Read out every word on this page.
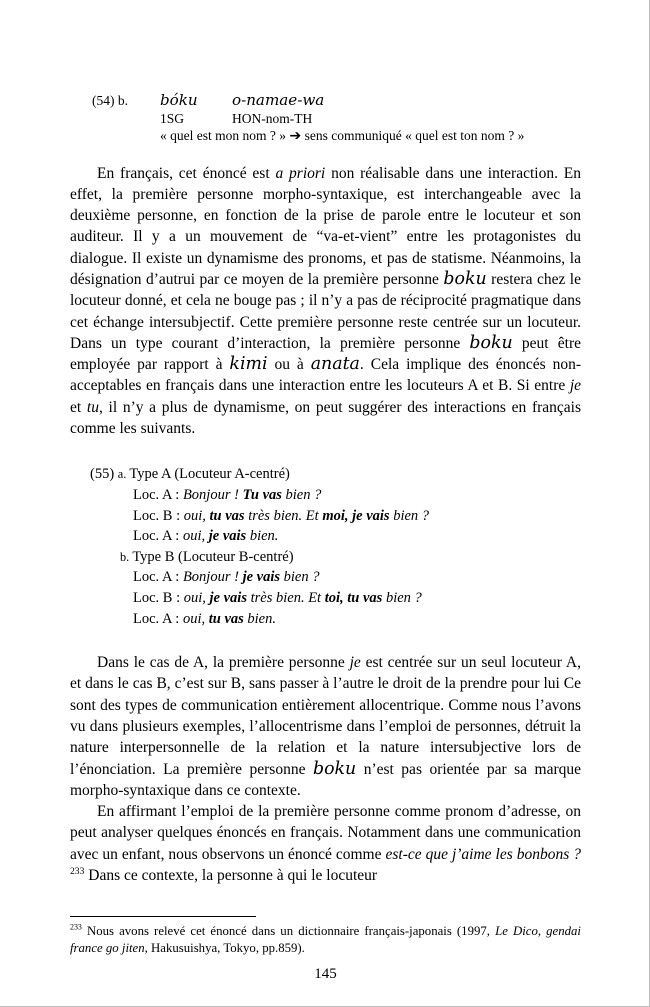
(54) b. bóku o-namae-wa
1SG	HON-nom-TH
« quel est mon nom ? » ➔ sens communiqué « quel est ton nom ? »

En français, cet énoncé est a priori non réalisable dans une interaction. En effet, la première personne morpho-syntaxique, est interchangeable avec la deuxième personne, en fonction de la prise de parole entre le locuteur et son auditeur. Il y a un mouvement de “va-et-vient” entre les protagonistes du dialogue. Il existe un dynamisme des pronoms, et pas de statisme. Néanmoins, la désignation d’autrui par ce moyen de la première personne boku restera chez le locuteur donné, et cela ne bouge pas ; il n’y a pas de réciprocité pragmatique dans cet échange intersubjectif. Cette première personne reste centrée sur un locuteur. Dans un type courant d’interaction, la première personne boku peut être employée par rapport à kimi ou à anata. Cela implique des énoncés non-acceptables en français dans une interaction entre les locuteurs A et B. Si entre je et tu, il n’y a plus de dynamisme, on peut suggérer des interactions en français comme les suivants.

(55) a. Type A (Locuteur A-centré)
Loc. A : Bonjour ! Tu vas bien ?
Loc. B : oui, tu vas très bien. Et moi, je vais bien ?
Loc. A : oui, je vais bien.
b. Type B (Locuteur B-centré)
Loc. A : Bonjour ! je vais bien ?
Loc. B : oui, je vais très bien. Et toi, tu vas bien ?
Loc. A : oui, tu vas bien.

Dans le cas de A, la première personne je est centrée sur un seul locuteur A, et dans le cas B, c’est sur B, sans passer à l’autre le droit de la prendre pour lui Ce sont des types de communication entièrement allocentrique. Comme nous l’avons vu dans plusieurs exemples, l’allocentrisme dans l’emploi de personnes, détruit la nature interpersonnelle de la relation et la nature intersubjective lors de l’énonciation. La première personne boku n’est pas orientée par sa marque morpho-syntaxique dans ce contexte.

En affirmant l’emploi de la première personne comme pronom d’adresse, on peut analyser quelques énoncés en français. Notamment dans une communication avec un enfant, nous observons un énoncé comme est-ce que j’aime les bonbons ?$^{233}$ Dans ce contexte, la personne à qui le locuteur

$^{233}$ Nous avons relevé cet énoncé dans un dictionnaire français-japonais (1997, Le Dico, gendai france go jiten, Hakusuishya, Tokyo, pp.859).

145
